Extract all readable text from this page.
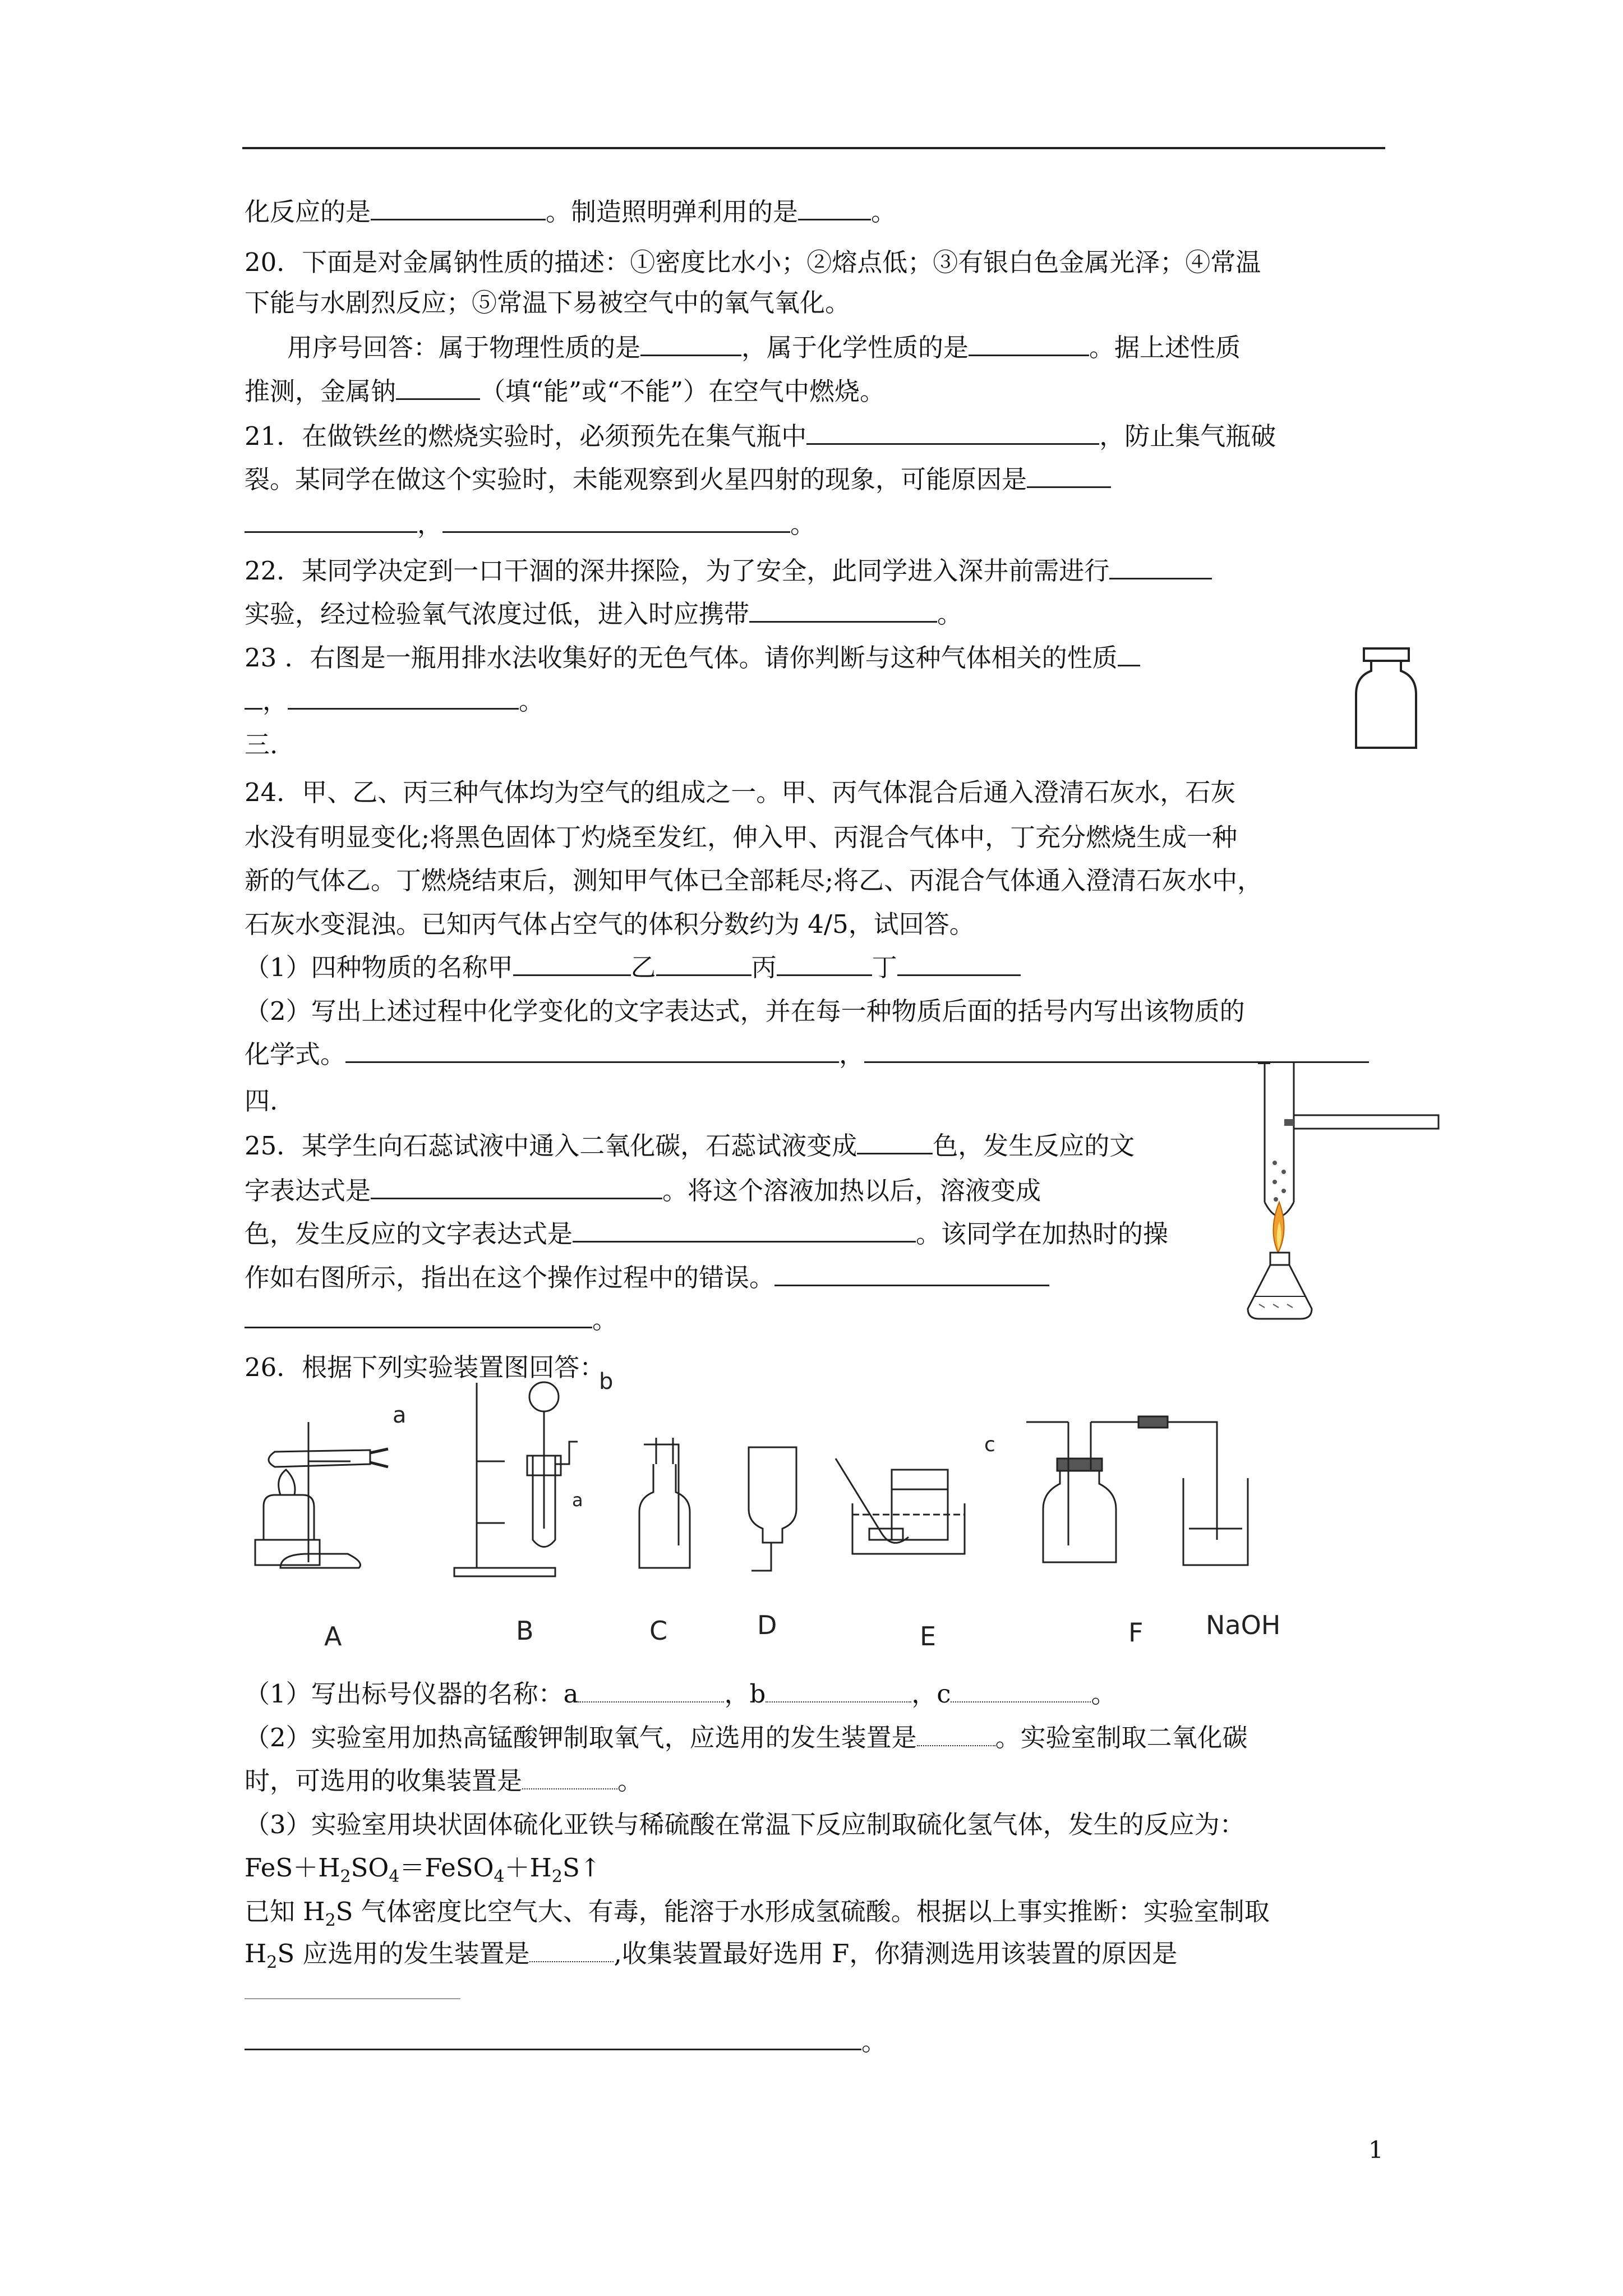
化反应的是	。制造照明弹利用的是	。
20．下面是对金属钠性质的描述：①密度比水小；②熔点低；③有银白色金属光泽；④常温
下能与水剧烈反应；⑤常温下易被空气中的氧气氧化。
用序号回答：属于物理性质的是	，属于化学性质的是	。据上述性质
推测，金属钠	（填“能”或“不能”）在空气中燃烧。
21．在做铁丝的燃烧实验时，必须预先在集气瓶中	，防止集气瓶破
裂。某同学在做这个实验时，未能观察到火星四射的现象，可能原因是
，	。
22．某同学决定到一口干涸的深井探险，为了安全，此同学进入深井前需进行
实验，经过检验氧气浓度过低，进入时应携带	。
23 ．右图是一瓶用排水法收集好的无色气体。请你判断与这种气体相关的性质
，	。
三.
24．甲、乙、丙三种气体均为空气的组成之一。甲、丙气体混合后通入澄清石灰水，石灰
水没有明显变化;将黑色固体丁灼烧至发红，伸入甲、丙混合气体中，丁充分燃烧生成一种
新的气体乙。丁燃烧结束后，测知甲气体已全部耗尽;将乙、丙混合气体通入澄清石灰水中，
石灰水变混浊。已知丙气体占空气的体积分数约为 4/5，试回答。
（1）四种物质的名称甲	乙	丙	丁
（2）写出上述过程中化学变化的文字表达式，并在每一种物质后面的括号内写出该物质的
化学式。	，
四.
25．某学生向石蕊试液中通入二氧化碳，石蕊试液变成	色，发生反应的文
字表达式是	。将这个溶液加热以后，溶液变成
色，发生反应的文字表达式是	。该同学在加热时的操
作如右图所示，指出在这个操作过程中的错误。
。
26．根据下列实验装置图回答：
（1）写出标号仪器的名称：a	，b	，c	。
（2）实验室用加热高锰酸钾制取氧气，应选用的发生装置是	。实验室制取二氧化碳
时，可选用的收集装置是	。
（3）实验室用块状固体硫化亚铁与稀硫酸在常温下反应制取硫化氢气体，发生的反应为：
$FeS+H_2SO_4=FeSO_4+H_2S↑$
已知 $H_2S$ 气体密度比空气大、有毒，能溶于水形成氢硫酸。根据以上事实推断：实验室制取
$H_2S$ 应选用的发生装置是	,收集装置最好选用 F，你猜测选用该装置的原因是
。
A	B	C	D	E	F NaOH
a
a
b
c
1
